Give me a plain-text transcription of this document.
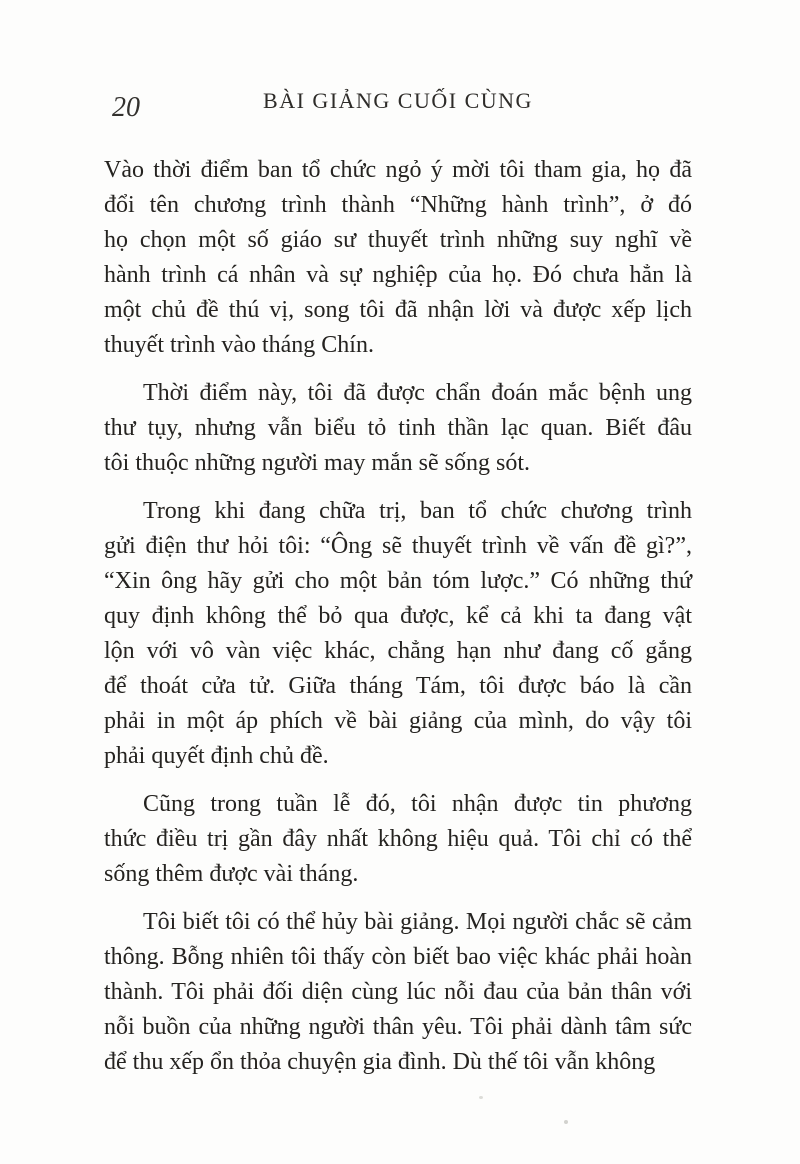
20	BÀI GIẢNG CUỐI CÙNG
Vào thời điểm ban tổ chức ngỏ ý mời tôi tham gia, họ đã
đổi tên chương trình thành “Những hành trình”, ở đó
họ chọn một số giáo sư thuyết trình những suy nghĩ về
hành trình cá nhân và sự nghiệp của họ. Đó chưa hẳn là
một chủ đề thú vị, song tôi đã nhận lời và được xếp lịch
thuyết trình vào tháng Chín.
Thời điểm này, tôi đã được chẩn đoán mắc bệnh ung
thư tụy, nhưng vẫn biểu tỏ tinh thần lạc quan. Biết đâu
tôi thuộc những người may mắn sẽ sống sót.
Trong khi đang chữa trị, ban tổ chức chương trình
gửi điện thư hỏi tôi: “Ông sẽ thuyết trình về vấn đề gì?”,
“Xin ông hãy gửi cho một bản tóm lược.” Có những thứ
quy định không thể bỏ qua được, kể cả khi ta đang vật
lộn với vô vàn việc khác, chẳng hạn như đang cố gắng
để thoát cửa tử. Giữa tháng Tám, tôi được báo là cần
phải in một áp phích về bài giảng của mình, do vậy tôi
phải quyết định chủ đề.
Cũng trong tuần lễ đó, tôi nhận được tin phương
thức điều trị gần đây nhất không hiệu quả. Tôi chỉ có thể
sống thêm được vài tháng.
Tôi biết tôi có thể hủy bài giảng. Mọi người chắc sẽ cảm
thông. Bỗng nhiên tôi thấy còn biết bao việc khác phải hoàn
thành. Tôi phải đối diện cùng lúc nỗi đau của bản thân với
nỗi buồn của những người thân yêu. Tôi phải dành tâm sức
để thu xếp ổn thỏa chuyện gia đình. Dù thế tôi vẫn không
